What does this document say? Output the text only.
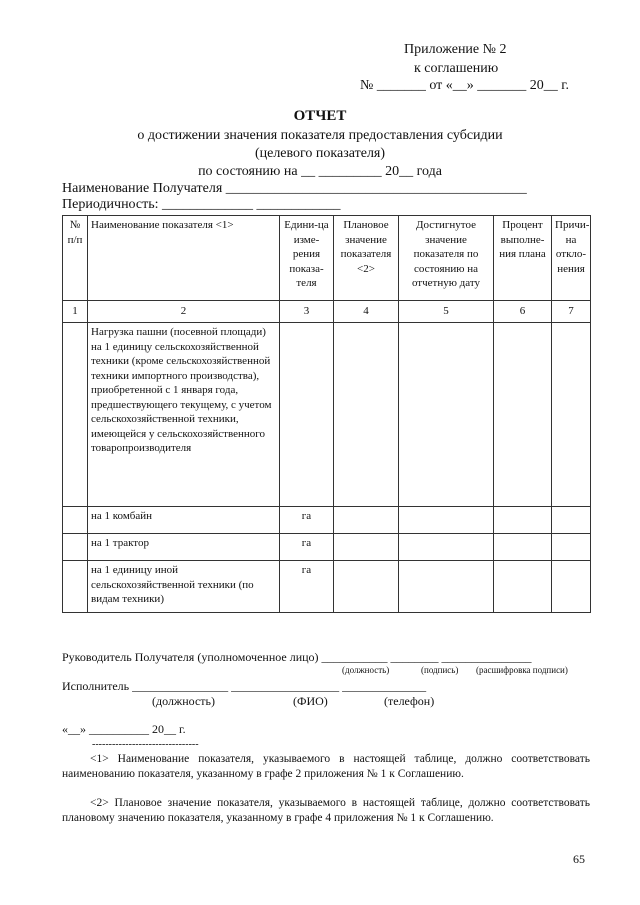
Приложение № 2
к соглашению
№ _______ от «__» _______ 20__ г.
ОТЧЕТ
о достижении значения показателя предоставления субсидии
(целевого показателя)
по состоянию на __ _________ 20__ года
Наименование Получателя ___________________________________________
Периодичность: _____________ ____________
№ п/п	Наименование показателя <1>	Едини-ца изме-рения показа-теля	Плановое значение показателя <2>	Достигнутое значение показателя по состоянию на отчетную дату	Процент выполне-ния плана	Причи-на откло-нения
1	2	3	4	5	6	7
	Нагрузка пашни (посевной площади) на 1 единицу сельскохозяйственной техники (кроме сельскохозяйственной техники импортного производства), приобретенной с 1 января года, предшествующего текущему, с учетом сельскохозяйственной техники, имеющейся у сельскохозяйственного товаропроизводителя					
	на 1 комбайн	га				
	на 1 трактор	га				
	на 1 единицу иной сельскохозяйственной техники (по видам техники)	га				
Руководитель Получателя (уполномоченное лицо) ___________ ________ _______________
(должность)	(подпись) (расшифровка подписи)
Исполнитель ________________ __________________ ______________
(должность)	(ФИО)	(телефон)
«__» __________ 20__ г.
--------------------------------
<1> Наименование показателя, указываемого в настоящей таблице, должно соответствовать наименованию показателя, указанному в графе 2 приложения № 1 к Соглашению.
<2> Плановое значение показателя, указываемого в настоящей таблице, должно соответствовать плановому значению показателя, указанному в графе 4 приложения № 1 к Соглашению.
65
